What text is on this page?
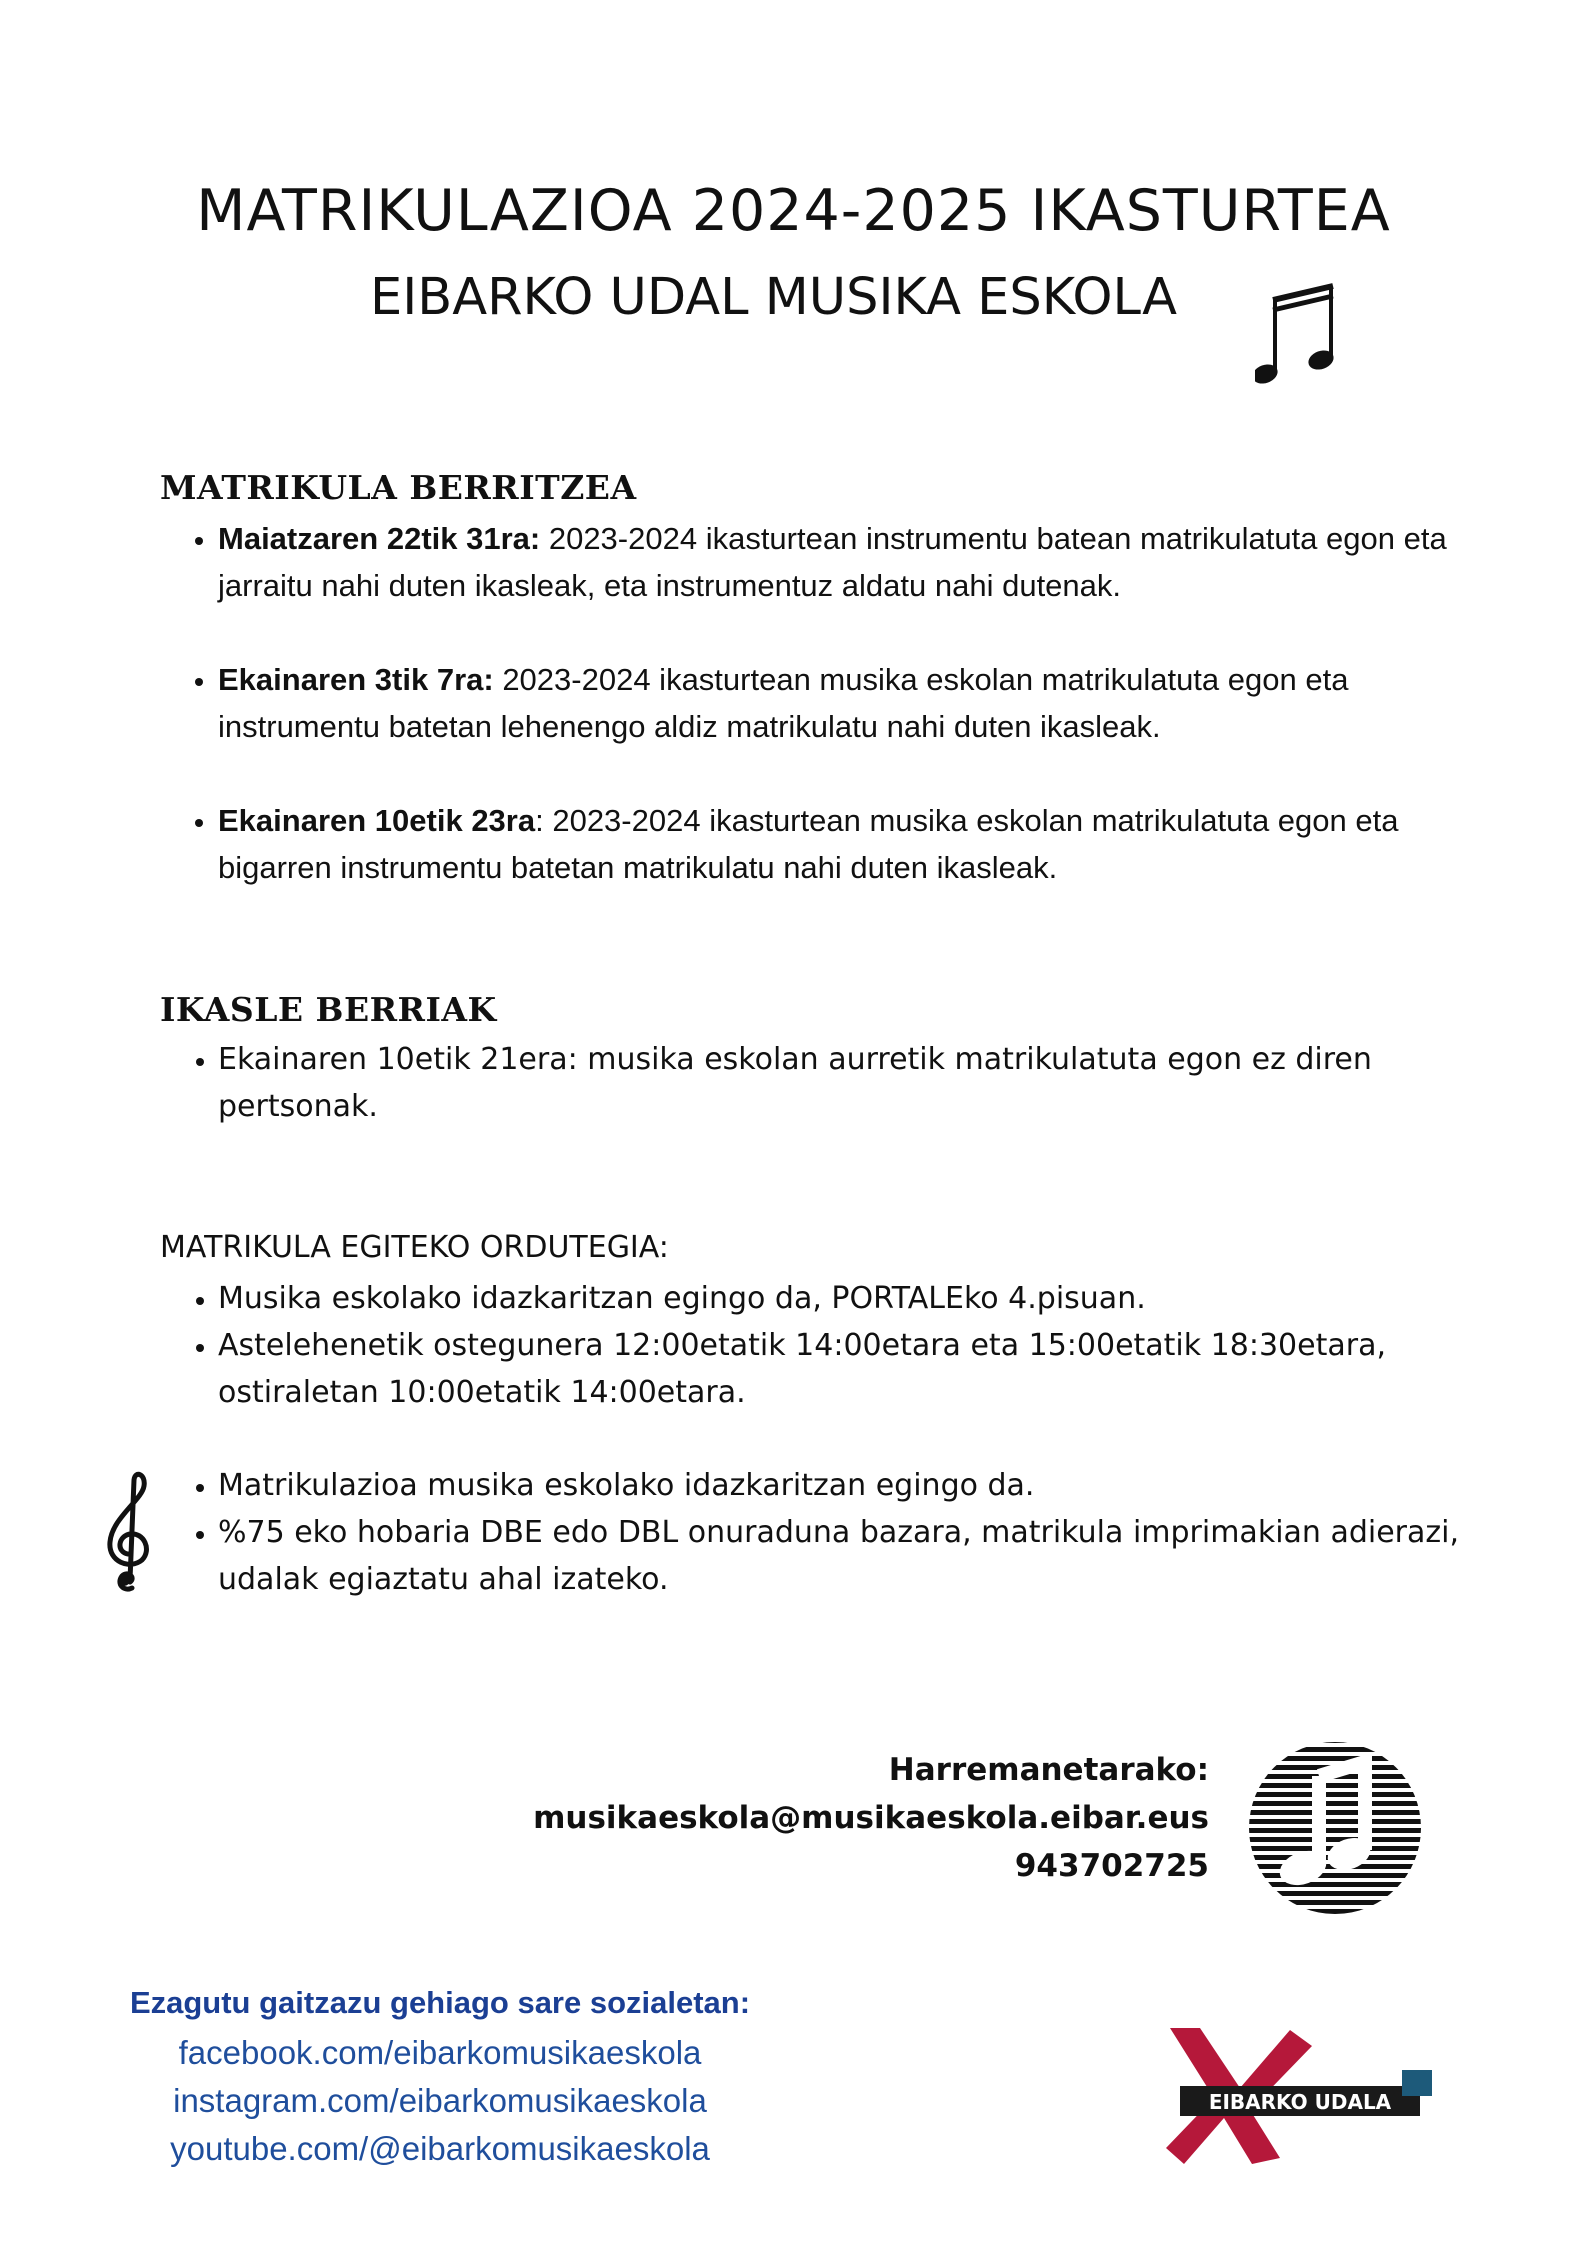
MATRIKULAZIOA 2024-2025 IKASTURTEA
EIBARKO UDAL MUSIKA ESKOLA
MATRIKULA BERRITZEA
• Maiatzaren 22tik 31ra: 2023-2024 ikasturtean instrumentu batean matrikulatuta egon eta jarraitu nahi duten ikasleak, eta instrumentuz aldatu nahi dutenak.
• Ekainaren 3tik 7ra: 2023-2024 ikasturtean musika eskolan matrikulatuta egon eta instrumentu batetan lehenengo aldiz matrikulatu nahi duten ikasleak.
• Ekainaren 10etik 23ra: 2023-2024 ikasturtean musika eskolan matrikulatuta egon eta bigarren instrumentu batetan matrikulatu nahi duten ikasleak.
IKASLE BERRIAK
• Ekainaren 10etik 21era: musika eskolan aurretik matrikulatuta egon ez diren pertsonak.
MATRIKULA EGITEKO ORDUTEGIA:
• Musika eskolako idazkaritzan egingo da, PORTALEko 4.pisuan.
• Astelehenetik ostegunera 12:00etatik 14:00etara eta 15:00etatik 18:30etara, ostiraletan 10:00etatik 14:00etara.
• Matrikulazioa musika eskolako idazkaritzan egingo da.
• %75 eko hobaria DBE edo DBL onuraduna bazara, matrikula imprimakian adierazi, udalak egiaztatu ahal izateko.
Harremanetarako:
musikaeskola@musikaeskola.eibar.eus
943702725
Ezagutu gaitzazu gehiago sare sozialetan:
facebook.com/eibarkomusikaeskola
instagram.com/eibarkomusikaeskola
youtube.com/@eibarkomusikaeskola
EIBARKO UDALA
